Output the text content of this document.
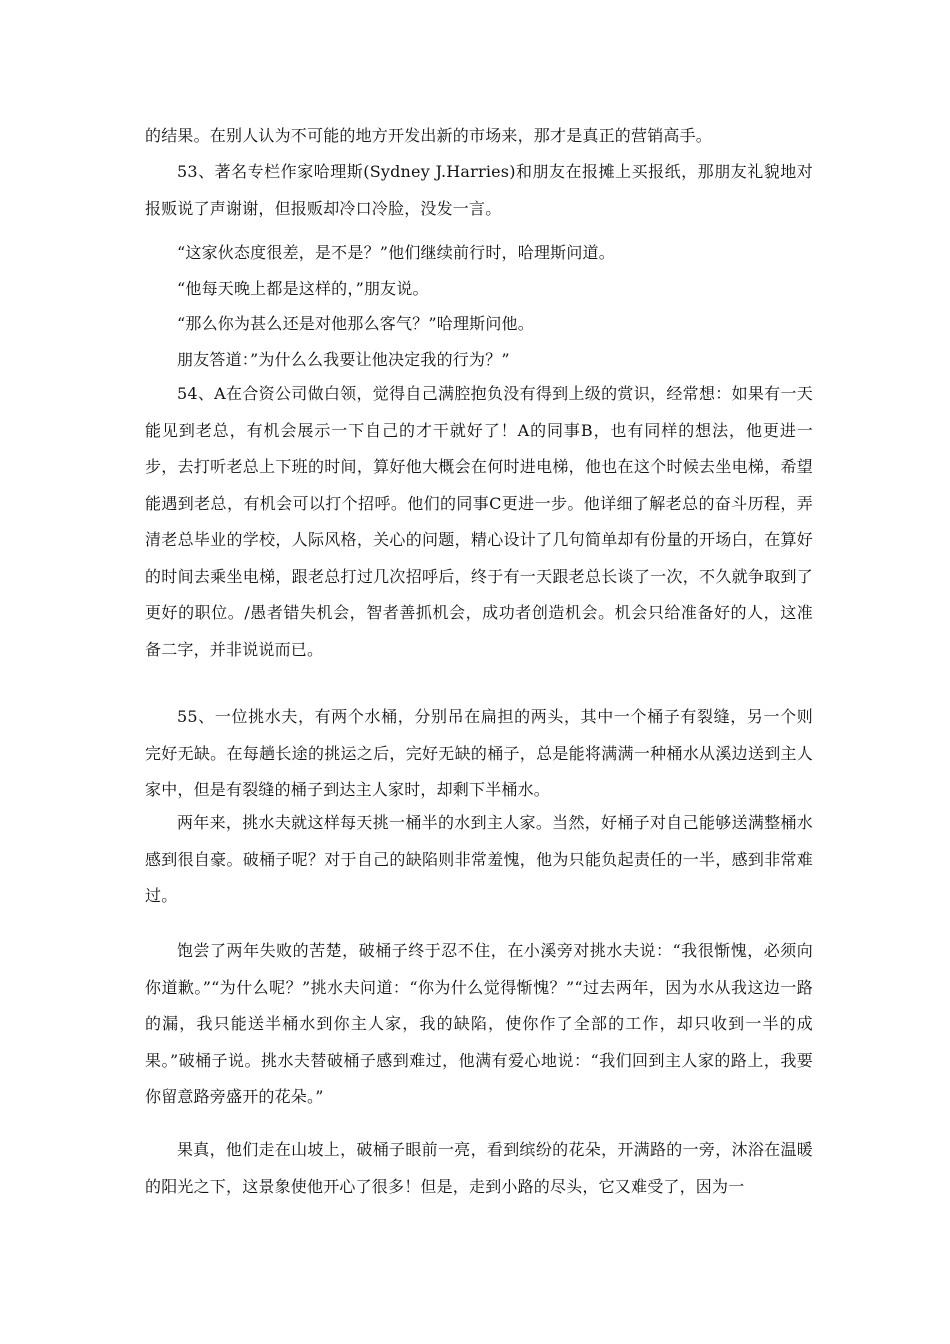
的结果。在别人认为不可能的地方开发出新的市场来，那才是真正的营销高手。

53、著名专栏作家哈理斯(Sydney J.Harries)和朋友在报摊上买报纸，那朋友礼貌地对报贩说了声谢谢，但报贩却冷口冷脸，没发一言。

“这家伙态度很差，是不是？”他们继续前行时，哈理斯问道。

“他每天晚上都是这样的，”朋友说。

“那么你为甚么还是对他那么客气？”哈理斯问他。

朋友答道：”为什么么我要让他决定我的行为？”

54、A在合资公司做白领，觉得自己满腔抱负没有得到上级的赏识，经常想：如果有一天能见到老总，有机会展示一下自己的才干就好了！A的同事B，也有同样的想法，他更进一步，去打听老总上下班的时间，算好他大概会在何时进电梯，他也在这个时候去坐电梯，希望能遇到老总，有机会可以打个招呼。他们的同事C更进一步。他详细了解老总的奋斗历程，弄清老总毕业的学校，人际风格，关心的问题，精心设计了几句简单却有份量的开场白，在算好的时间去乘坐电梯，跟老总打过几次招呼后，终于有一天跟老总长谈了一次，不久就争取到了更好的职位。/愚者错失机会，智者善抓机会，成功者创造机会。机会只给准备好的人，这准备二字，并非说说而已。

55、一位挑水夫，有两个水桶，分别吊在扁担的两头，其中一个桶子有裂缝，另一个则完好无缺。在每趟长途的挑运之后，完好无缺的桶子，总是能将满满一种桶水从溪边送到主人家中，但是有裂缝的桶子到达主人家时，却剩下半桶水。

两年来，挑水夫就这样每天挑一桶半的水到主人家。当然，好桶子对自己能够送满整桶水感到很自豪。破桶子呢？对于自己的缺陷则非常羞愧，他为只能负起责任的一半，感到非常难过。

饱尝了两年失败的苦楚，破桶子终于忍不住，在小溪旁对挑水夫说：“我很惭愧，必须向你道歉。”“为什么呢？”挑水夫问道：“你为什么觉得惭愧？”“过去两年，因为水从我这边一路的漏，我只能送半桶水到你主人家，我的缺陷，使你作了全部的工作，却只收到一半的成果。”破桶子说。挑水夫替破桶子感到难过，他满有爱心地说：“我们回到主人家的路上，我要你留意路旁盛开的花朵。”

果真，他们走在山坡上，破桶子眼前一亮，看到缤纷的花朵，开满路的一旁，沐浴在温暖的阳光之下，这景象使他开心了很多！但是，走到小路的尽头，它又难受了，因为一
